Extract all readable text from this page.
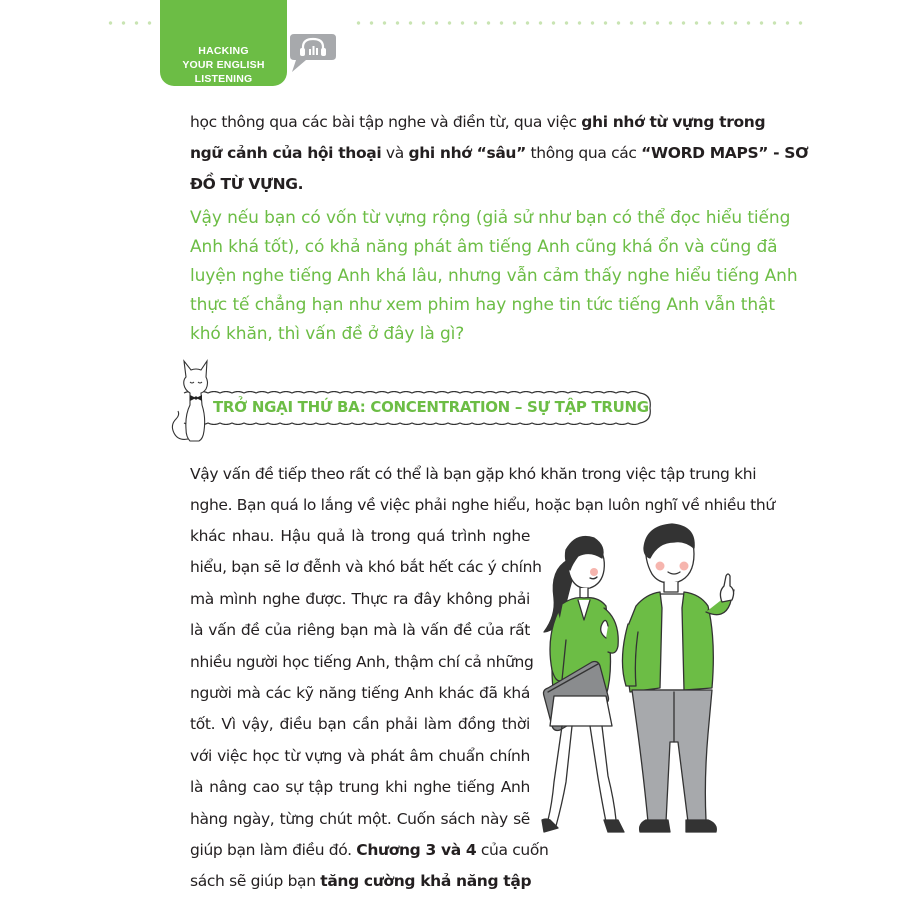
HACKING
YOUR ENGLISH LISTENING
học thông qua các bài tập nghe và điền từ, qua việc ghi nhớ từ vựng trong
ngữ cảnh của hội thoại và ghi nhớ “sâu” thông qua các “WORD MAPS” - SƠ
ĐỒ TỪ VỰNG.
Vậy nếu bạn có vốn từ vựng rộng (giả sử như bạn có thể đọc hiểu tiếng
Anh khá tốt), có khả năng phát âm tiếng Anh cũng khá ổn và cũng đã
luyện nghe tiếng Anh khá lâu, nhưng vẫn cảm thấy nghe hiểu tiếng Anh
thực tế chẳng hạn như xem phim hay nghe tin tức tiếng Anh vẫn thật
khó khăn, thì vấn đề ở đây là gì?
TRỞ NGẠI THỨ BA: CONCENTRATION – SỰ TẬP TRUNG
Vậy vấn đề tiếp theo rất có thể là bạn gặp khó khăn trong việc tập trung khi
nghe. Bạn quá lo lắng về việc phải nghe hiểu, hoặc bạn luôn nghĩ về nhiều thứ
khác nhau. Hậu quả là trong quá trình nghe
hiểu, bạn sẽ lơ đễnh và khó bắt hết các ý chính
mà mình nghe được. Thực ra đây không phải
là vấn đề của riêng bạn mà là vấn đề của rất
nhiều người học tiếng Anh, thậm chí cả những
người mà các kỹ năng tiếng Anh khác đã khá
tốt. Vì vậy, điều bạn cần phải làm đồng thời
với việc học từ vựng và phát âm chuẩn chính
là nâng cao sự tập trung khi nghe tiếng Anh
hàng ngày, từng chút một. Cuốn sách này sẽ
giúp bạn làm điều đó. Chương 3 và 4 của cuốn
sách sẽ giúp bạn tăng cường khả năng tập
